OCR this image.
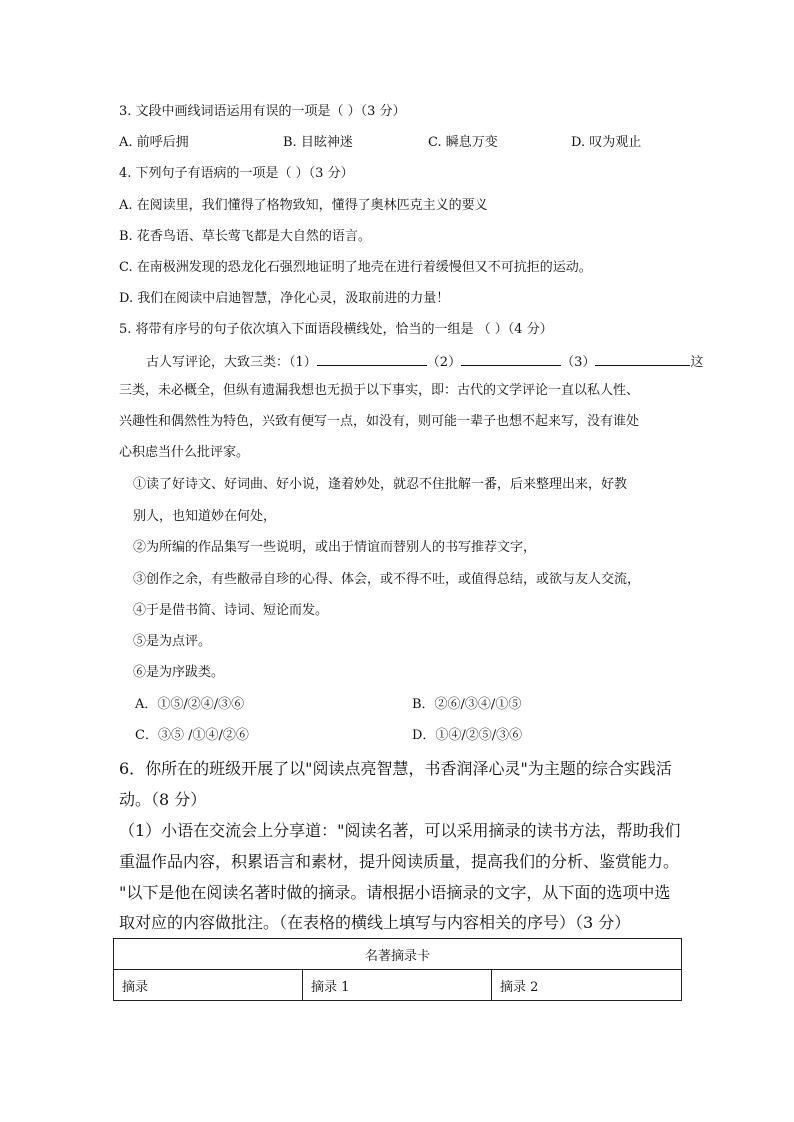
3. 文段中画线词语运用有误的一项是（ ）（3 分）
A. 前呼后拥	B. 目眩神迷	C. 瞬息万变	D. 叹为观止
4. 下列句子有语病的一项是（ ）（3 分）
A. 在阅读里，我们懂得了格物致知，懂得了奥林匹克主义的要义
B. 花香鸟语、草长莺飞都是大自然的语言。
C. 在南极洲发现的恐龙化石强烈地证明了地壳在进行着缓慢但又不可抗拒的运动。
D. 我们在阅读中启迪智慧，净化心灵，汲取前进的力量！
5. 将带有序号的句子依次填入下面语段横线处，恰当的一组是 （ ）（4 分）
古人写评论，大致三类：（1）	（2）	（3）	这
三类，未必概全，但纵有遗漏我想也无损于以下事实，即：古代的文学评论一直以私人性、
兴趣性和偶然性为特色，兴致有便写一点，如没有，则可能一辈子也想不起来写，没有谁处
心积虑当什么批评家。
①读了好诗文、好词曲、好小说，逢着妙处，就忍不住批解一番，后来整理出来，好教
别人，也知道妙在何处，
②为所编的作品集写一些说明，或出于情谊而替别人的书写推荐文字，
③创作之余，有些敝帚自珍的心得、体会，或不得不吐，或值得总结，或欲与友人交流，
④于是借书简、诗词、短论而发。
⑤是为点评。
⑥是为序跋类。
A．①⑤/②④/③⑥	B．②⑥/③④/①⑤
C．③⑤ /①④/②⑥	D．①④/②⑤/③⑥
6．你所在的班级开展了以"阅读点亮智慧，书香润泽心灵"为主题的综合实践活
动。（8 分）
（1）小语在交流会上分享道："阅读名著，可以采用摘录的读书方法，帮助我们
重温作品内容，积累语言和素材，提升阅读质量，提高我们的分析、鉴赏能力。
"以下是他在阅读名著时做的摘录。请根据小语摘录的文字，从下面的选项中选
取对应的内容做批注。（在表格的横线上填写与内容相关的序号）（3 分）
名著摘录卡
摘录	摘录 1	摘录 2
